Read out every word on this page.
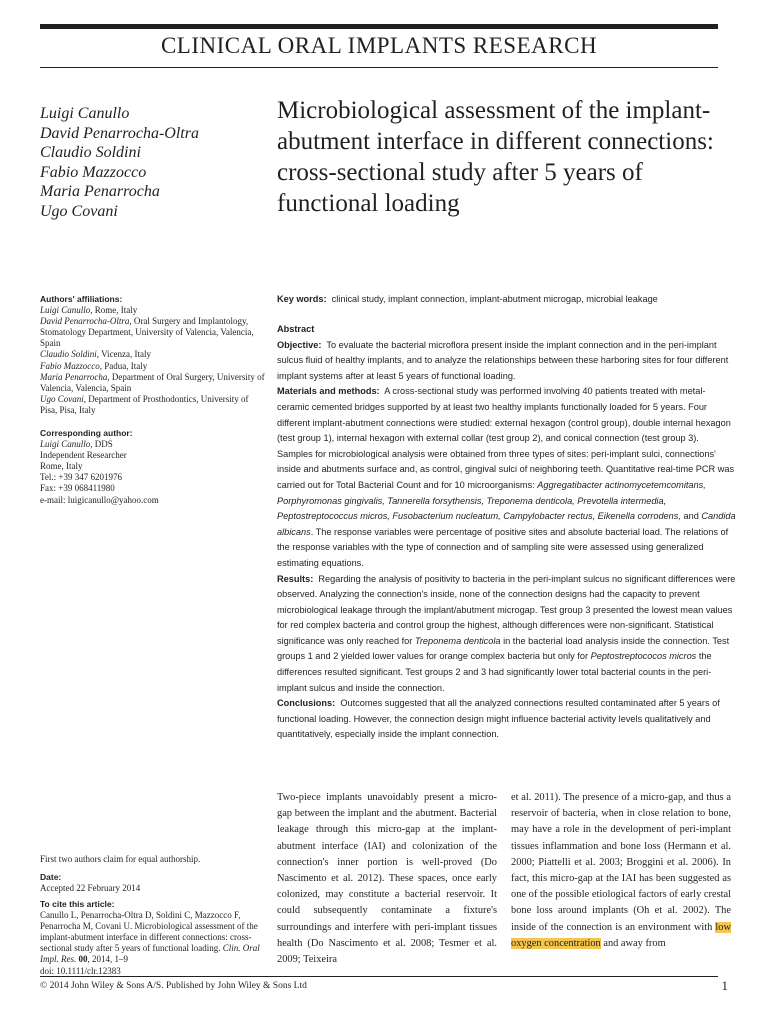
CLINICAL ORAL IMPLANTS RESEARCH
Luigi Canullo
David Penarrocha-Oltra
Claudio Soldini
Fabio Mazzocco
Maria Penarrocha
Ugo Covani
Microbiological assessment of the implant-abutment interface in different connections: cross-sectional study after 5 years of functional loading
Authors' affiliations:
Luigi Canullo, Rome, Italy
David Penarrocha-Oltra, Oral Surgery and Implantology, Stomatology Department, University of Valencia, Valencia, Spain
Claudio Soldini, Vicenza, Italy
Fabio Mazzocco, Padua, Italy
Maria Penarrocha, Department of Oral Surgery, University of Valencia, Valencia, Spain
Ugo Covani, Department of Prosthodontics, University of Pisa, Pisa, Italy
Corresponding author:
Luigi Canullo, DDS
Independent Researcher
Rome, Italy
Tel.: +39 347 6201976
Fax: +39 068411980
e-mail: luigicanullo@yahoo.com
First two authors claim for equal authorship.
Date:
Accepted 22 February 2014
To cite this article:
Canullo L, Penarrocha-Oltra D, Soldini C, Mazzocco F, Penarrocha M, Covani U. Microbiological assessment of the implant-abutment interface in different connections: cross-sectional study after 5 years of functional loading. Clin. Oral Impl. Res. 00, 2014, 1–9
doi: 10.1111/clr.12383
Key words: clinical study, implant connection, implant-abutment microgap, microbial leakage
Abstract
Objective: To evaluate the bacterial microflora present inside the implant connection and in the peri-implant sulcus fluid of healthy implants, and to analyze the relationships between these harboring sites for four different implant systems after at least 5 years of functional loading.
Materials and methods: A cross-sectional study was performed involving 40 patients treated with metal-ceramic cemented bridges supported by at least two healthy implants functionally loaded for 5 years. Four different implant-abutment connections were studied: external hexagon (control group), double internal hexagon (test group 1), internal hexagon with external collar (test group 2), and conical connection (test group 3). Samples for microbiological analysis were obtained from three types of sites: peri-implant sulci, connections' inside and abutments surface and, as control, gingival sulci of neighboring teeth. Quantitative real-time PCR was carried out for Total Bacterial Count and for 10 microorganisms: Aggregatibacter actinomycetemcomitans, Porphyromonas gingivalis, Tannerella forsythensis, Treponema denticola, Prevotella intermedia, Peptostreptococcus micros, Fusobacterium nucleatum, Campylobacter rectus, Eikenella corrodens, and Candida albicans. The response variables were percentage of positive sites and absolute bacterial load. The relations of the response variables with the type of connection and of sampling site were assessed using generalized estimating equations.
Results: Regarding the analysis of positivity to bacteria in the peri-implant sulcus no significant differences were observed. Analyzing the connection's inside, none of the connection designs had the capacity to prevent microbiological leakage through the implant/abutment microgap. Test group 3 presented the lowest mean values for red complex bacteria and control group the highest, although differences were non-significant. Statistical significance was only reached for Treponema denticola in the bacterial load analysis inside the connection. Test groups 1 and 2 yielded lower values for orange complex bacteria but only for Peptostreptococos micros the differences resulted significant. Test groups 2 and 3 had significantly lower total bacterial counts in the peri-implant sulcus and inside the connection.
Conclusions: Outcomes suggested that all the analyzed connections resulted contaminated after 5 years of functional loading. However, the connection design might influence bacterial activity levels qualitatively and quantitatively, especially inside the implant connection.
Two-piece implants unavoidably present a micro-gap between the implant and the abutment. Bacterial leakage through this micro-gap at the implant-abutment interface (IAI) and colonization of the connection's inner portion is well-proved (Do Nascimento et al. 2012). These spaces, once early colonized, may constitute a bacterial reservoir. It could subsequently contaminate a fixture's surroundings and interfere with peri-implant tissues health (Do Nascimento et al. 2008; Tesmer et al. 2009; Teixeira
et al. 2011). The presence of a micro-gap, and thus a reservoir of bacteria, when in close relation to bone, may have a role in the development of peri-implant tissues inflammation and bone loss (Hermann et al. 2000; Piattelli et al. 2003; Broggini et al. 2006). In fact, this micro-gap at the IAI has been suggested as one of the possible etiological factors of early crestal bone loss around implants (Oh et al. 2002). The inside of the connection is an environment with low oxygen concentration and away from
© 2014 John Wiley & Sons A/S. Published by John Wiley & Sons Ltd	1
